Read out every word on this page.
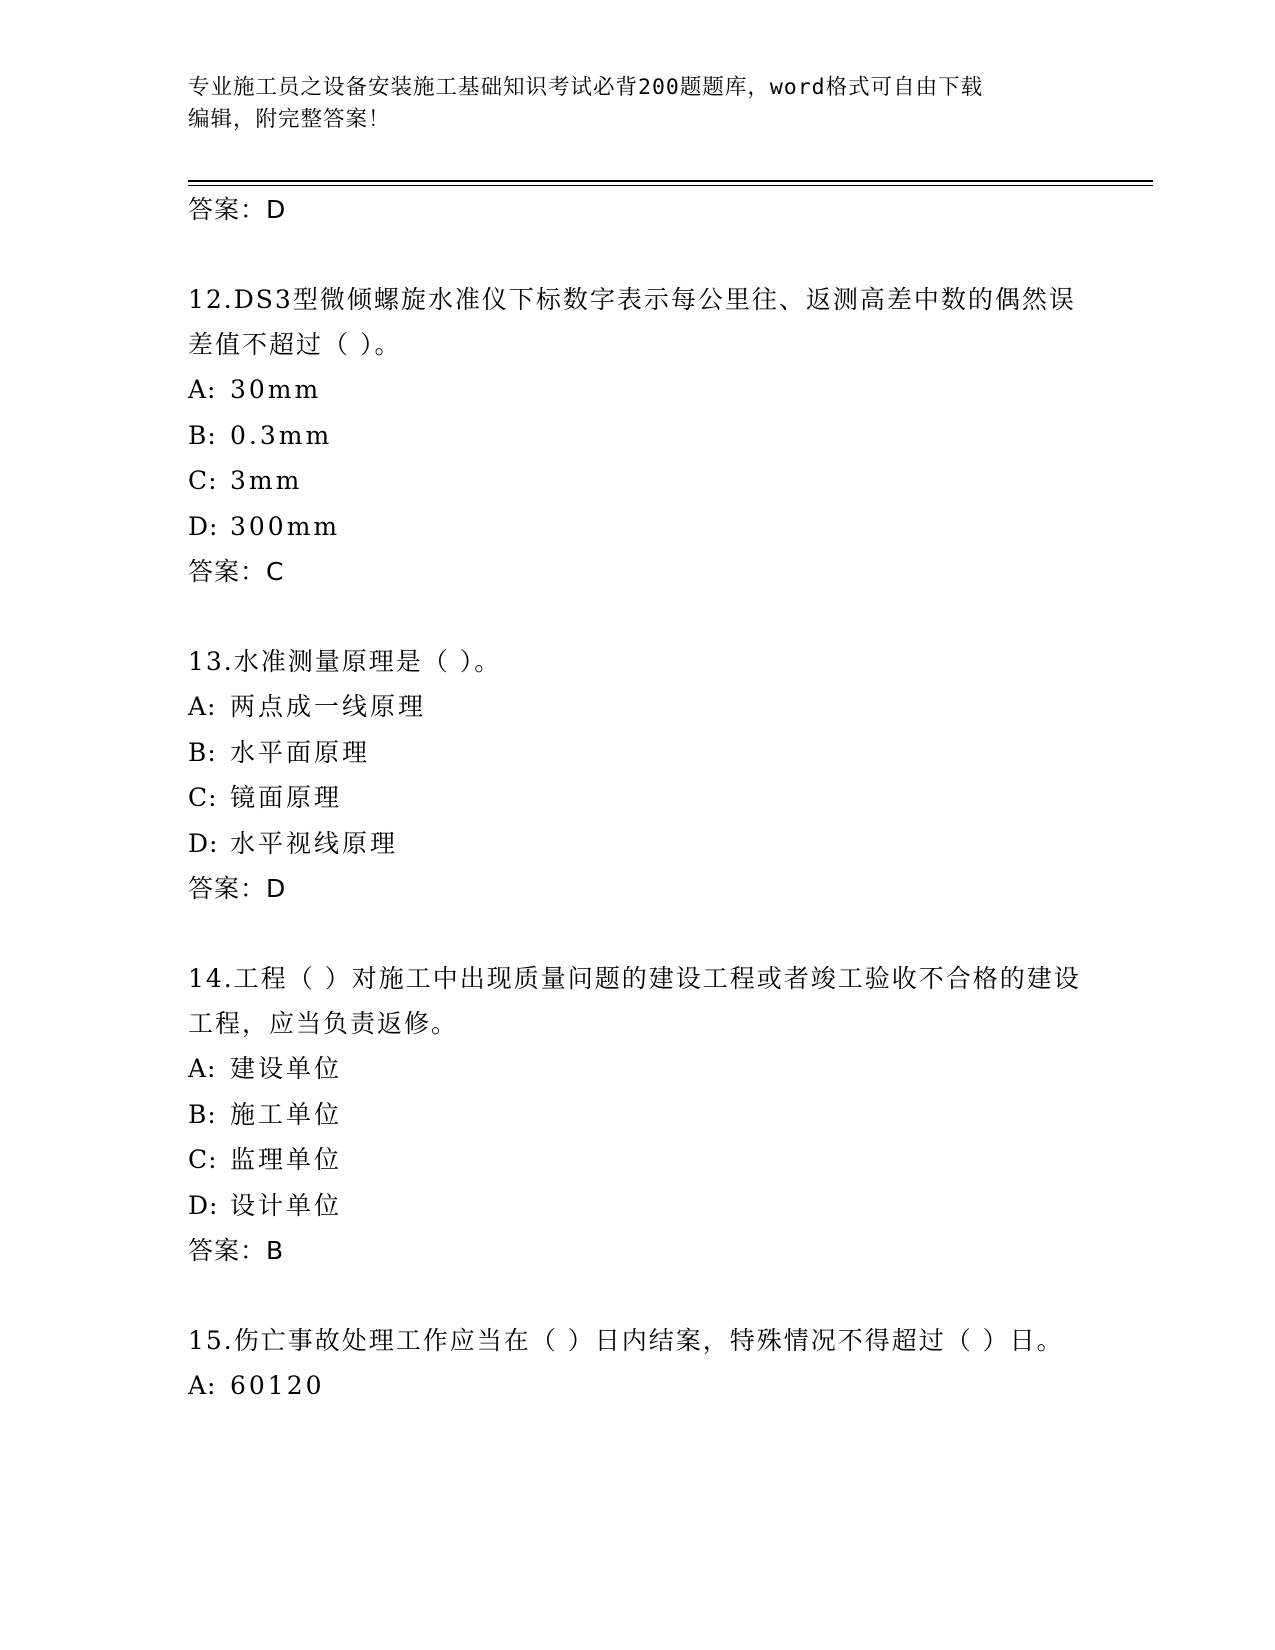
专业施工员之设备安装施工基础知识考试必背200题题库，word格式可自由下载
编辑，附完整答案！
答案：D
12.DS3型微倾螺旋水准仪下标数字表示每公里往、返测高差中数的偶然误差值不超过（ ）。
A: 30mm
B: 0.3mm
C: 3mm
D: 300mm
答案：C
13.水准测量原理是（ ）。
A: 两点成一线原理
B: 水平面原理
C: 镜面原理
D: 水平视线原理
答案：D
14.工程（ ）对施工中出现质量问题的建设工程或者竣工验收不合格的建设工程，应当负责返修。
A: 建设单位
B: 施工单位
C: 监理单位
D: 设计单位
答案：B
15.伤亡事故处理工作应当在（ ）日内结案，特殊情况不得超过（ ）日。
A: 60120
